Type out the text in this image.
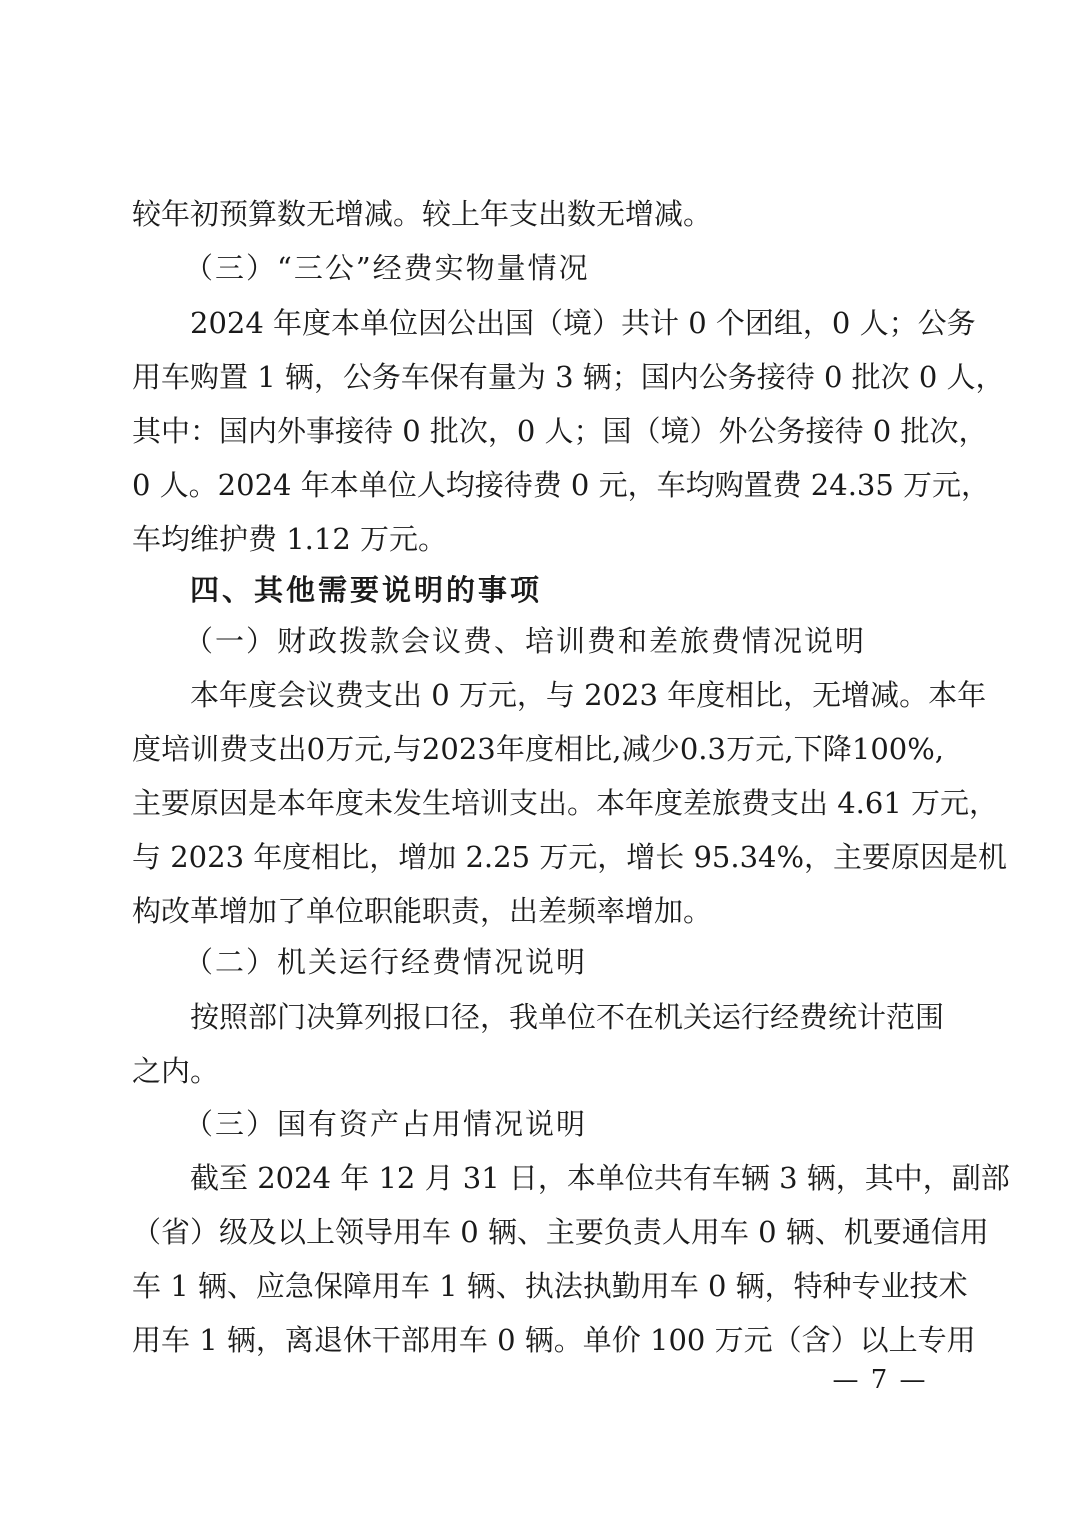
较年初预算数无增减。较上年支出数无增减。
（三）“三公”经费实物量情况
2024 年度本单位因公出国（境）共计 0 个团组，0 人；公务
用车购置 1 辆，公务车保有量为 3 辆；国内公务接待 0 批次 0 人，
其中：国内外事接待 0 批次，0 人；国（境）外公务接待 0 批次，
0 人。2024 年本单位人均接待费 0 元，车均购置费 24.35 万元，
车均维护费 1.12 万元。
四、其他需要说明的事项
（一）财政拨款会议费、培训费和差旅费情况说明
本年度会议费支出 0 万元，与 2023 年度相比，无增减。本年
度培训费支出0万元,与2023年度相比,减少0.3万元,下降100%,
主要原因是本年度未发生培训支出。本年度差旅费支出 4.61 万元，
与 2023 年度相比，增加 2.25 万元，增长 95.34%，主要原因是机
构改革增加了单位职能职责，出差频率增加。
（二）机关运行经费情况说明
按照部门决算列报口径，我单位不在机关运行经费统计范围
之内。
（三）国有资产占用情况说明
截至 2024 年 12 月 31 日，本单位共有车辆 3 辆，其中，副部
（省）级及以上领导用车 0 辆、主要负责人用车 0 辆、机要通信用
车 1 辆、应急保障用车 1 辆、执法执勤用车 0 辆，特种专业技术
用车 1 辆，离退休干部用车 0 辆。单价 100 万元（含）以上专用
— 7 —
